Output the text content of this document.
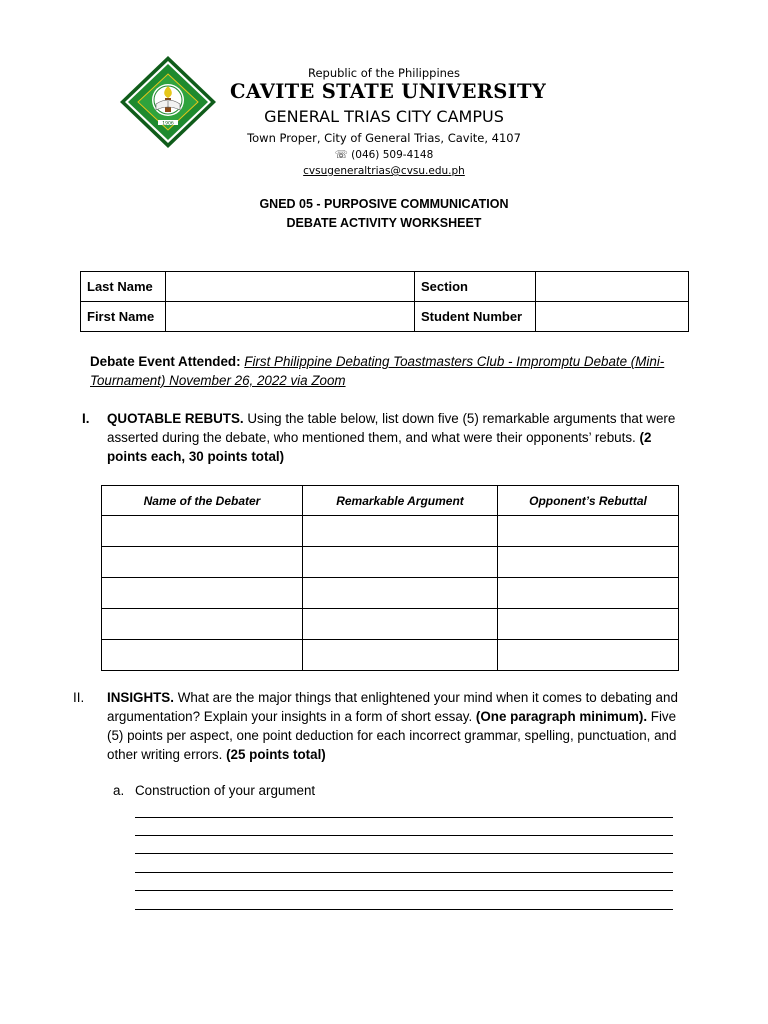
1906
Republic of the Philippines
CAVITE STATE UNIVERSITY
GENERAL TRIAS CITY CAMPUS
Town Proper, City of General Trias, Cavite, 4107
☏ (046) 509-4148
cvsugeneraltrias@cvsu.edu.ph
GNED 05 - PURPOSIVE COMMUNICATION
DEBATE ACTIVITY WORKSHEET
Last Name		Section	
First Name		Student Number	
Debate Event Attended: First Philippine Debating Toastmasters Club - Impromptu Debate (Mini-Tournament) November 26, 2022 via Zoom
I. QUOTABLE REBUTS. Using the table below, list down five (5) remarkable arguments that were asserted during the debate, who mentioned them, and what were their opponents’ rebuts. (2 points each, 30 points total)
Name of the Debater	Remarkable Argument	Opponent’s Rebuttal

II. INSIGHTS. What are the major things that enlightened your mind when it comes to debating and argumentation? Explain your insights in a form of short essay. (One paragraph minimum). Five (5) points per aspect, one point deduction for each incorrect grammar, spelling, punctuation, and other writing errors. (25 points total)
a. Construction of your argument
